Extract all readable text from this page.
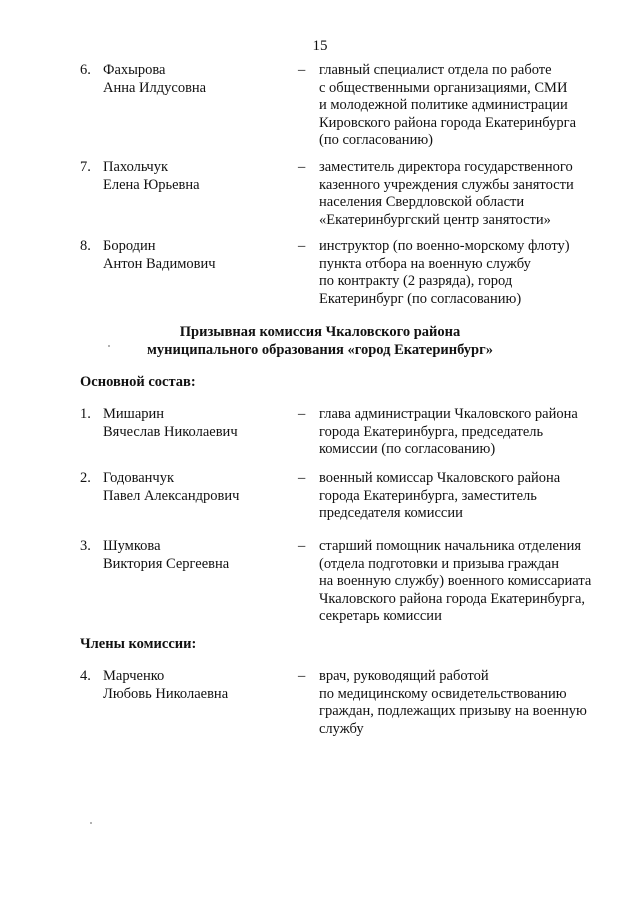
15
6. Фахырова
Анна Илдусовна
– главный специалист отдела по работе
с общественными организациями, СМИ
и молодежной политике администрации
Кировского района города Екатеринбурга
(по согласованию)
7. Пахольчук
Елена Юрьевна
– заместитель директора государственного
казенного учреждения службы занятости
населения Свердловской области
«Екатеринбургский центр занятости»
8. Бородин
Антон Вадимович
– инструктор (по военно-морскому флоту)
пункта отбора на военную службу
по контракту (2 разряда), город
Екатеринбург (по согласованию)
Призывная комиссия Чкаловского района
муниципального образования «город Екатеринбург»
Основной состав:
1. Мишарин
Вячеслав Николаевич
– глава администрации Чкаловского района
города Екатеринбурга, председатель
комиссии (по согласованию)
2. Годованчук
Павел Александрович
– военный комиссар Чкаловского района
города Екатеринбурга, заместитель
председателя комиссии
3. Шумкова
Виктория Сергеевна
– старший помощник начальника отделения
(отдела подготовки и призыва граждан
на военную службу) военного комиссариата
Чкаловского района города Екатеринбурга,
секретарь комиссии
Члены комиссии:
4. Марченко
Любовь Николаевна
– врач, руководящий работой
по медицинскому освидетельствованию
граждан, подлежащих призыву на военную
службу
